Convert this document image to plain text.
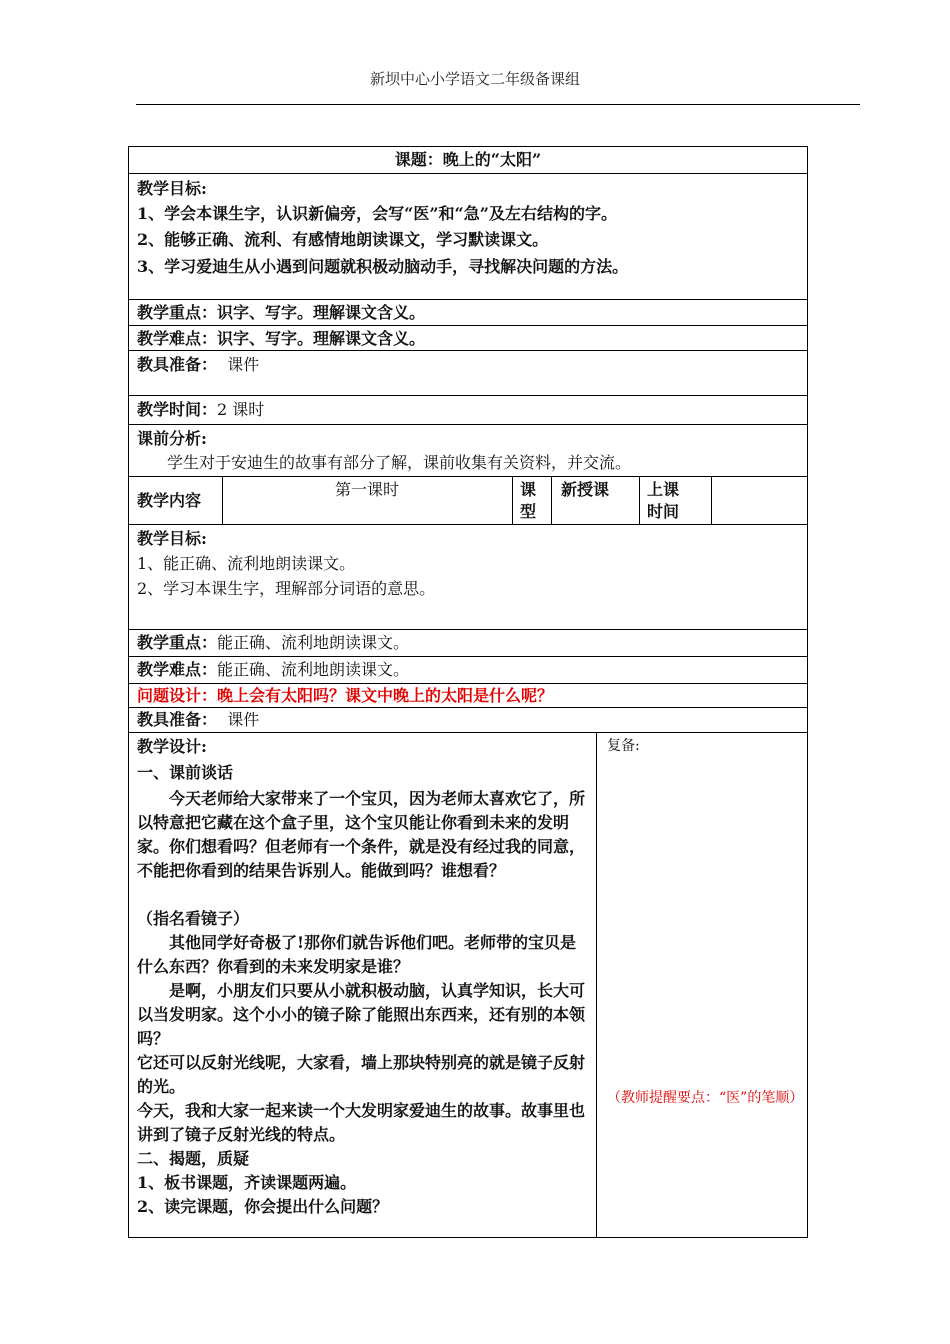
新坝中心小学语文二年级备课组
课题：晚上的“太阳”
教学目标:
1、学会本课生字，认识新偏旁，会写“医”和“急”及左右结构的字。
2、能够正确、流利、有感情地朗读课文，学习默读课文。
3、学习爱迪生从小遇到问题就积极动脑动手，寻找解决问题的方法。
教学重点：识字、写字。理解课文含义。
教学难点：识字、写字。理解课文含义。
教具准备： 课件
教学时间：2 课时
课前分析:
学生对于安迪生的故事有部分了解，课前收集有关资料，并交流。
教学内容
第一课时	课
型
新授课 上课
时间
教学目标:
1、能正确、流利地朗读课文。
2、学习本课生字，理解部分词语的意思。
教学重点：能正确、流利地朗读课文。
教学难点：能正确、流利地朗读课文。
问题设计：晚上会有太阳吗？课文中晚上的太阳是什么呢？
教具准备： 课件
教学设计:
一、课前谈话
今天老师给大家带来了一个宝贝，因为老师太喜欢它了，所以特意把它藏在这个盒子里，这个宝贝能让你看到未来的发明家。你们想看吗？但老师有一个条件，就是没有经过我的同意，不能把你看到的结果告诉别人。能做到吗？谁想看？
（指名看镜子）
其他同学好奇极了!那你们就告诉他们吧。老师带的宝贝是什么东西？你看到的未来发明家是谁？
是啊，小朋友们只要从小就积极动脑，认真学知识，长大可以当发明家。这个小小的镜子除了能照出东西来，还有别的本领吗？
它还可以反射光线呢，大家看，墙上那块特别亮的就是镜子反射的光。
今天，我和大家一起来读一个大发明家爱迪生的故事。故事里也讲到了镜子反射光线的特点。
二、揭题，质疑
1、板书课题，齐读课题两遍。
2、读完课题，你会提出什么问题？
复备:
（教师提醒要点：“医”的笔顺）
